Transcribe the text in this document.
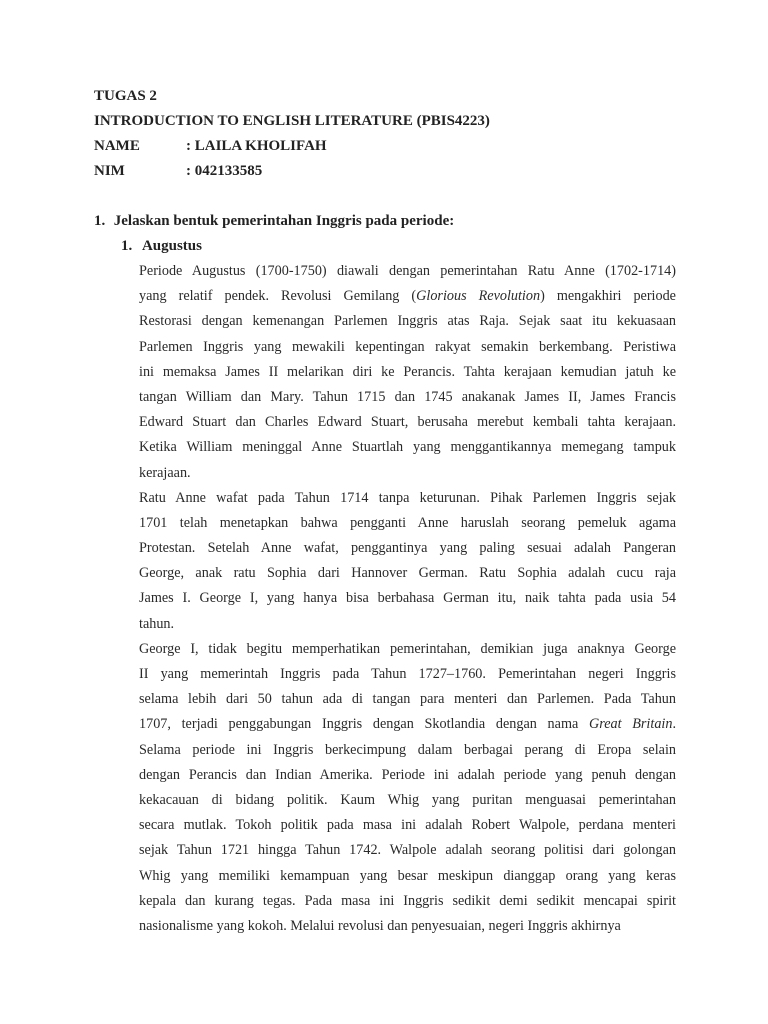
TUGAS 2
INTRODUCTION TO ENGLISH LITERATURE (PBIS4223)
NAME	: LAILA KHOLIFAH
NIM	: 042133585
1. Jelaskan bentuk pemerintahan Inggris pada periode:
1. Augustus
Periode Augustus (1700-1750) diawali dengan pemerintahan Ratu Anne (1702-1714)
yang relatif pendek. Revolusi Gemilang (Glorious Revolution) mengakhiri periode
Restorasi dengan kemenangan Parlemen Inggris atas Raja. Sejak saat itu kekuasaan
Parlemen Inggris yang mewakili kepentingan rakyat semakin berkembang. Peristiwa
ini memaksa James II melarikan diri ke Perancis. Tahta kerajaan kemudian jatuh ke
tangan William dan Mary. Tahun 1715 dan 1745 anakanak James II, James Francis
Edward Stuart dan Charles Edward Stuart, berusaha merebut kembali tahta kerajaan.
Ketika William meninggal Anne Stuartlah yang menggantikannya memegang tampuk
kerajaan.
Ratu Anne wafat pada Tahun 1714 tanpa keturunan. Pihak Parlemen Inggris sejak
1701 telah menetapkan bahwa pengganti Anne haruslah seorang pemeluk agama
Protestan. Setelah Anne wafat, penggantinya yang paling sesuai adalah Pangeran
George, anak ratu Sophia dari Hannover German. Ratu Sophia adalah cucu raja
James I. George I, yang hanya bisa berbahasa German itu, naik tahta pada usia 54
tahun.
George I, tidak begitu memperhatikan pemerintahan, demikian juga anaknya George
II yang memerintah Inggris pada Tahun 1727–1760. Pemerintahan negeri Inggris
selama lebih dari 50 tahun ada di tangan para menteri dan Parlemen. Pada Tahun
1707, terjadi penggabungan Inggris dengan Skotlandia dengan nama Great Britain.
Selama periode ini Inggris berkecimpung dalam berbagai perang di Eropa selain
dengan Perancis dan Indian Amerika. Periode ini adalah periode yang penuh dengan
kekacauan di bidang politik. Kaum Whig yang puritan menguasai pemerintahan
secara mutlak. Tokoh politik pada masa ini adalah Robert Walpole, perdana menteri
sejak Tahun 1721 hingga Tahun 1742. Walpole adalah seorang politisi dari golongan
Whig yang memiliki kemampuan yang besar meskipun dianggap orang yang keras
kepala dan kurang tegas. Pada masa ini Inggris sedikit demi sedikit mencapai spirit
nasionalisme yang kokoh. Melalui revolusi dan penyesuaian, negeri Inggris akhirnya
